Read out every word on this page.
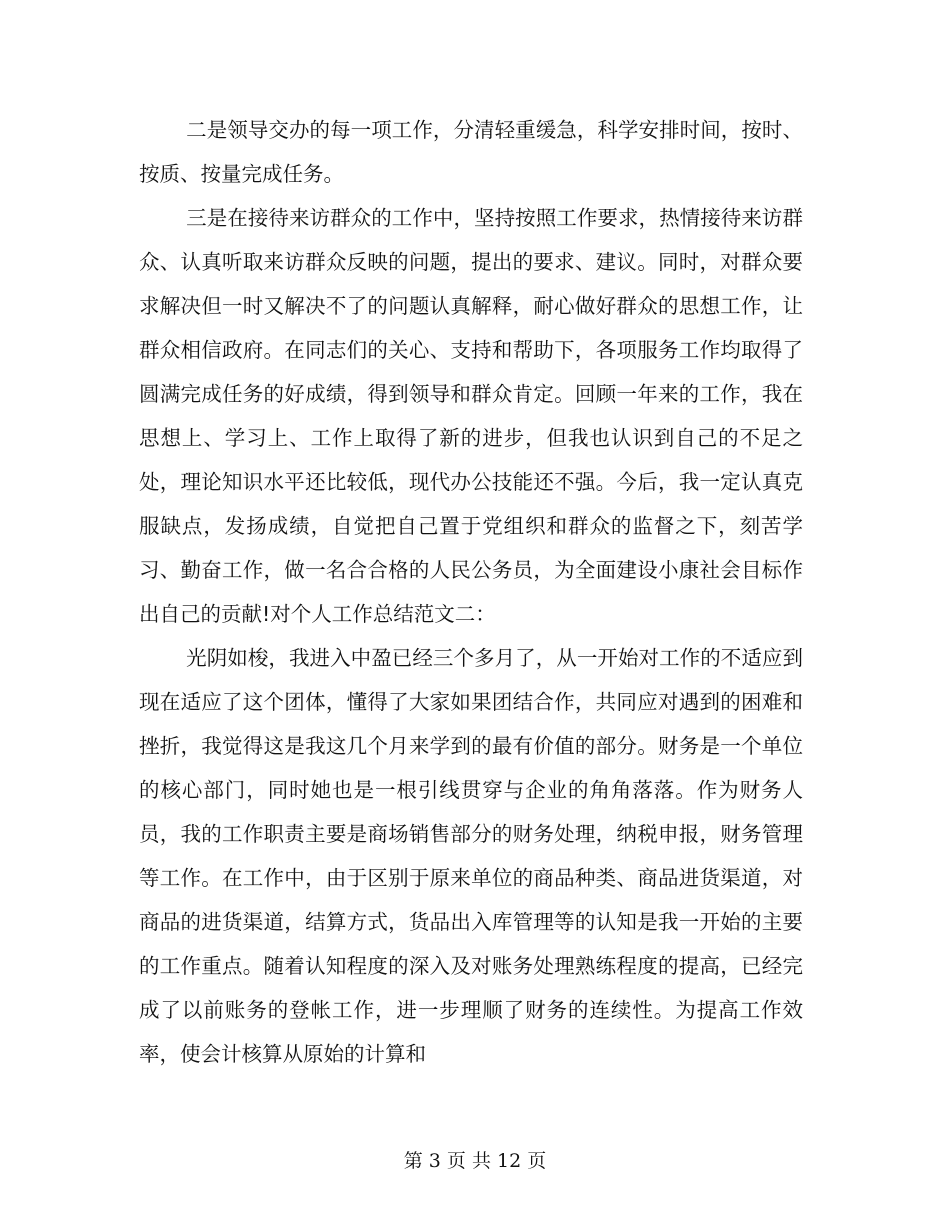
二是领导交办的每一项工作，分清轻重缓急，科学安排时间，按时、按质、按量完成任务。

三是在接待来访群众的工作中，坚持按照工作要求，热情接待来访群众、认真听取来访群众反映的问题，提出的要求、建议。同时，对群众要求解决但一时又解决不了的问题认真解释，耐心做好群众的思想工作，让群众相信政府。在同志们的关心、支持和帮助下，各项服务工作均取得了圆满完成任务的好成绩，得到领导和群众肯定。回顾一年来的工作，我在思想上、学习上、工作上取得了新的进步，但我也认识到自己的不足之处，理论知识水平还比较低，现代办公技能还不强。今后，我一定认真克服缺点，发扬成绩，自觉把自己置于党组织和群众的监督之下，刻苦学习、勤奋工作，做一名合合格的人民公务员，为全面建设小康社会目标作出自己的贡献!对个人工作总结范文二：

光阴如梭，我进入中盈已经三个多月了，从一开始对工作的不适应到现在适应了这个团体，懂得了大家如果团结合作，共同应对遇到的困难和挫折，我觉得这是我这几个月来学到的最有价值的部分。财务是一个单位的核心部门，同时她也是一根引线贯穿与企业的角角落落。作为财务人员，我的工作职责主要是商场销售部分的财务处理，纳税申报，财务管理等工作。在工作中，由于区别于原来单位的商品种类、商品进货渠道，对商品的进货渠道，结算方式，货品出入库管理等的认知是我一开始的主要的工作重点。随着认知程度的深入及对账务处理熟练程度的提高，已经完成了以前账务的登帐工作，进一步理顺了财务的连续性。为提高工作效率，使会计核算从原始的计算和

第 3 页 共 12 页
